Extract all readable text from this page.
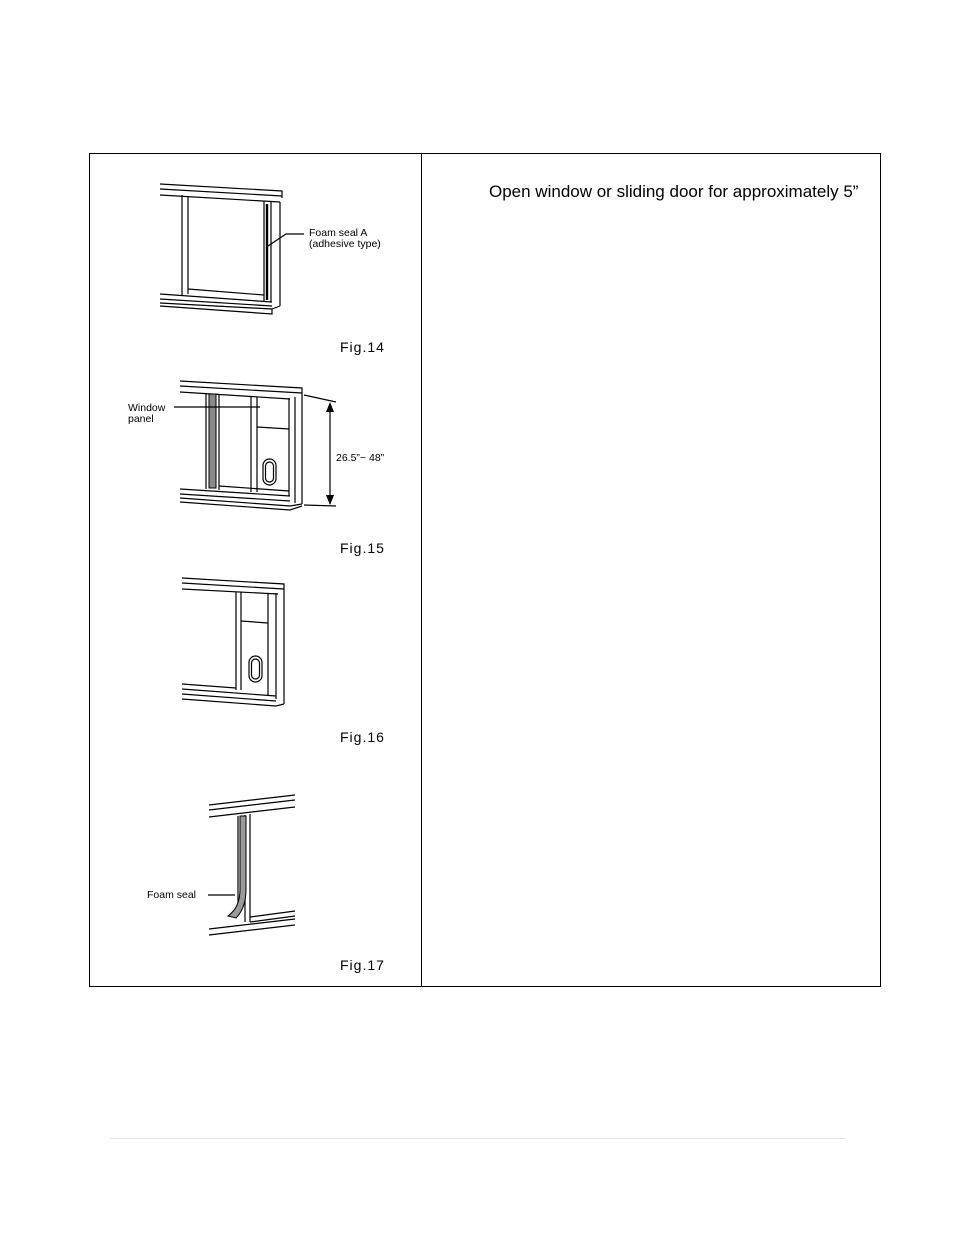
Fig.14
Foam seal A
(adhesive type)
Window
panel
26.5”~ 48”
Fig.15
Fig.16
Foam seal
Fig.17
Open window or sliding door for approximately 5”
